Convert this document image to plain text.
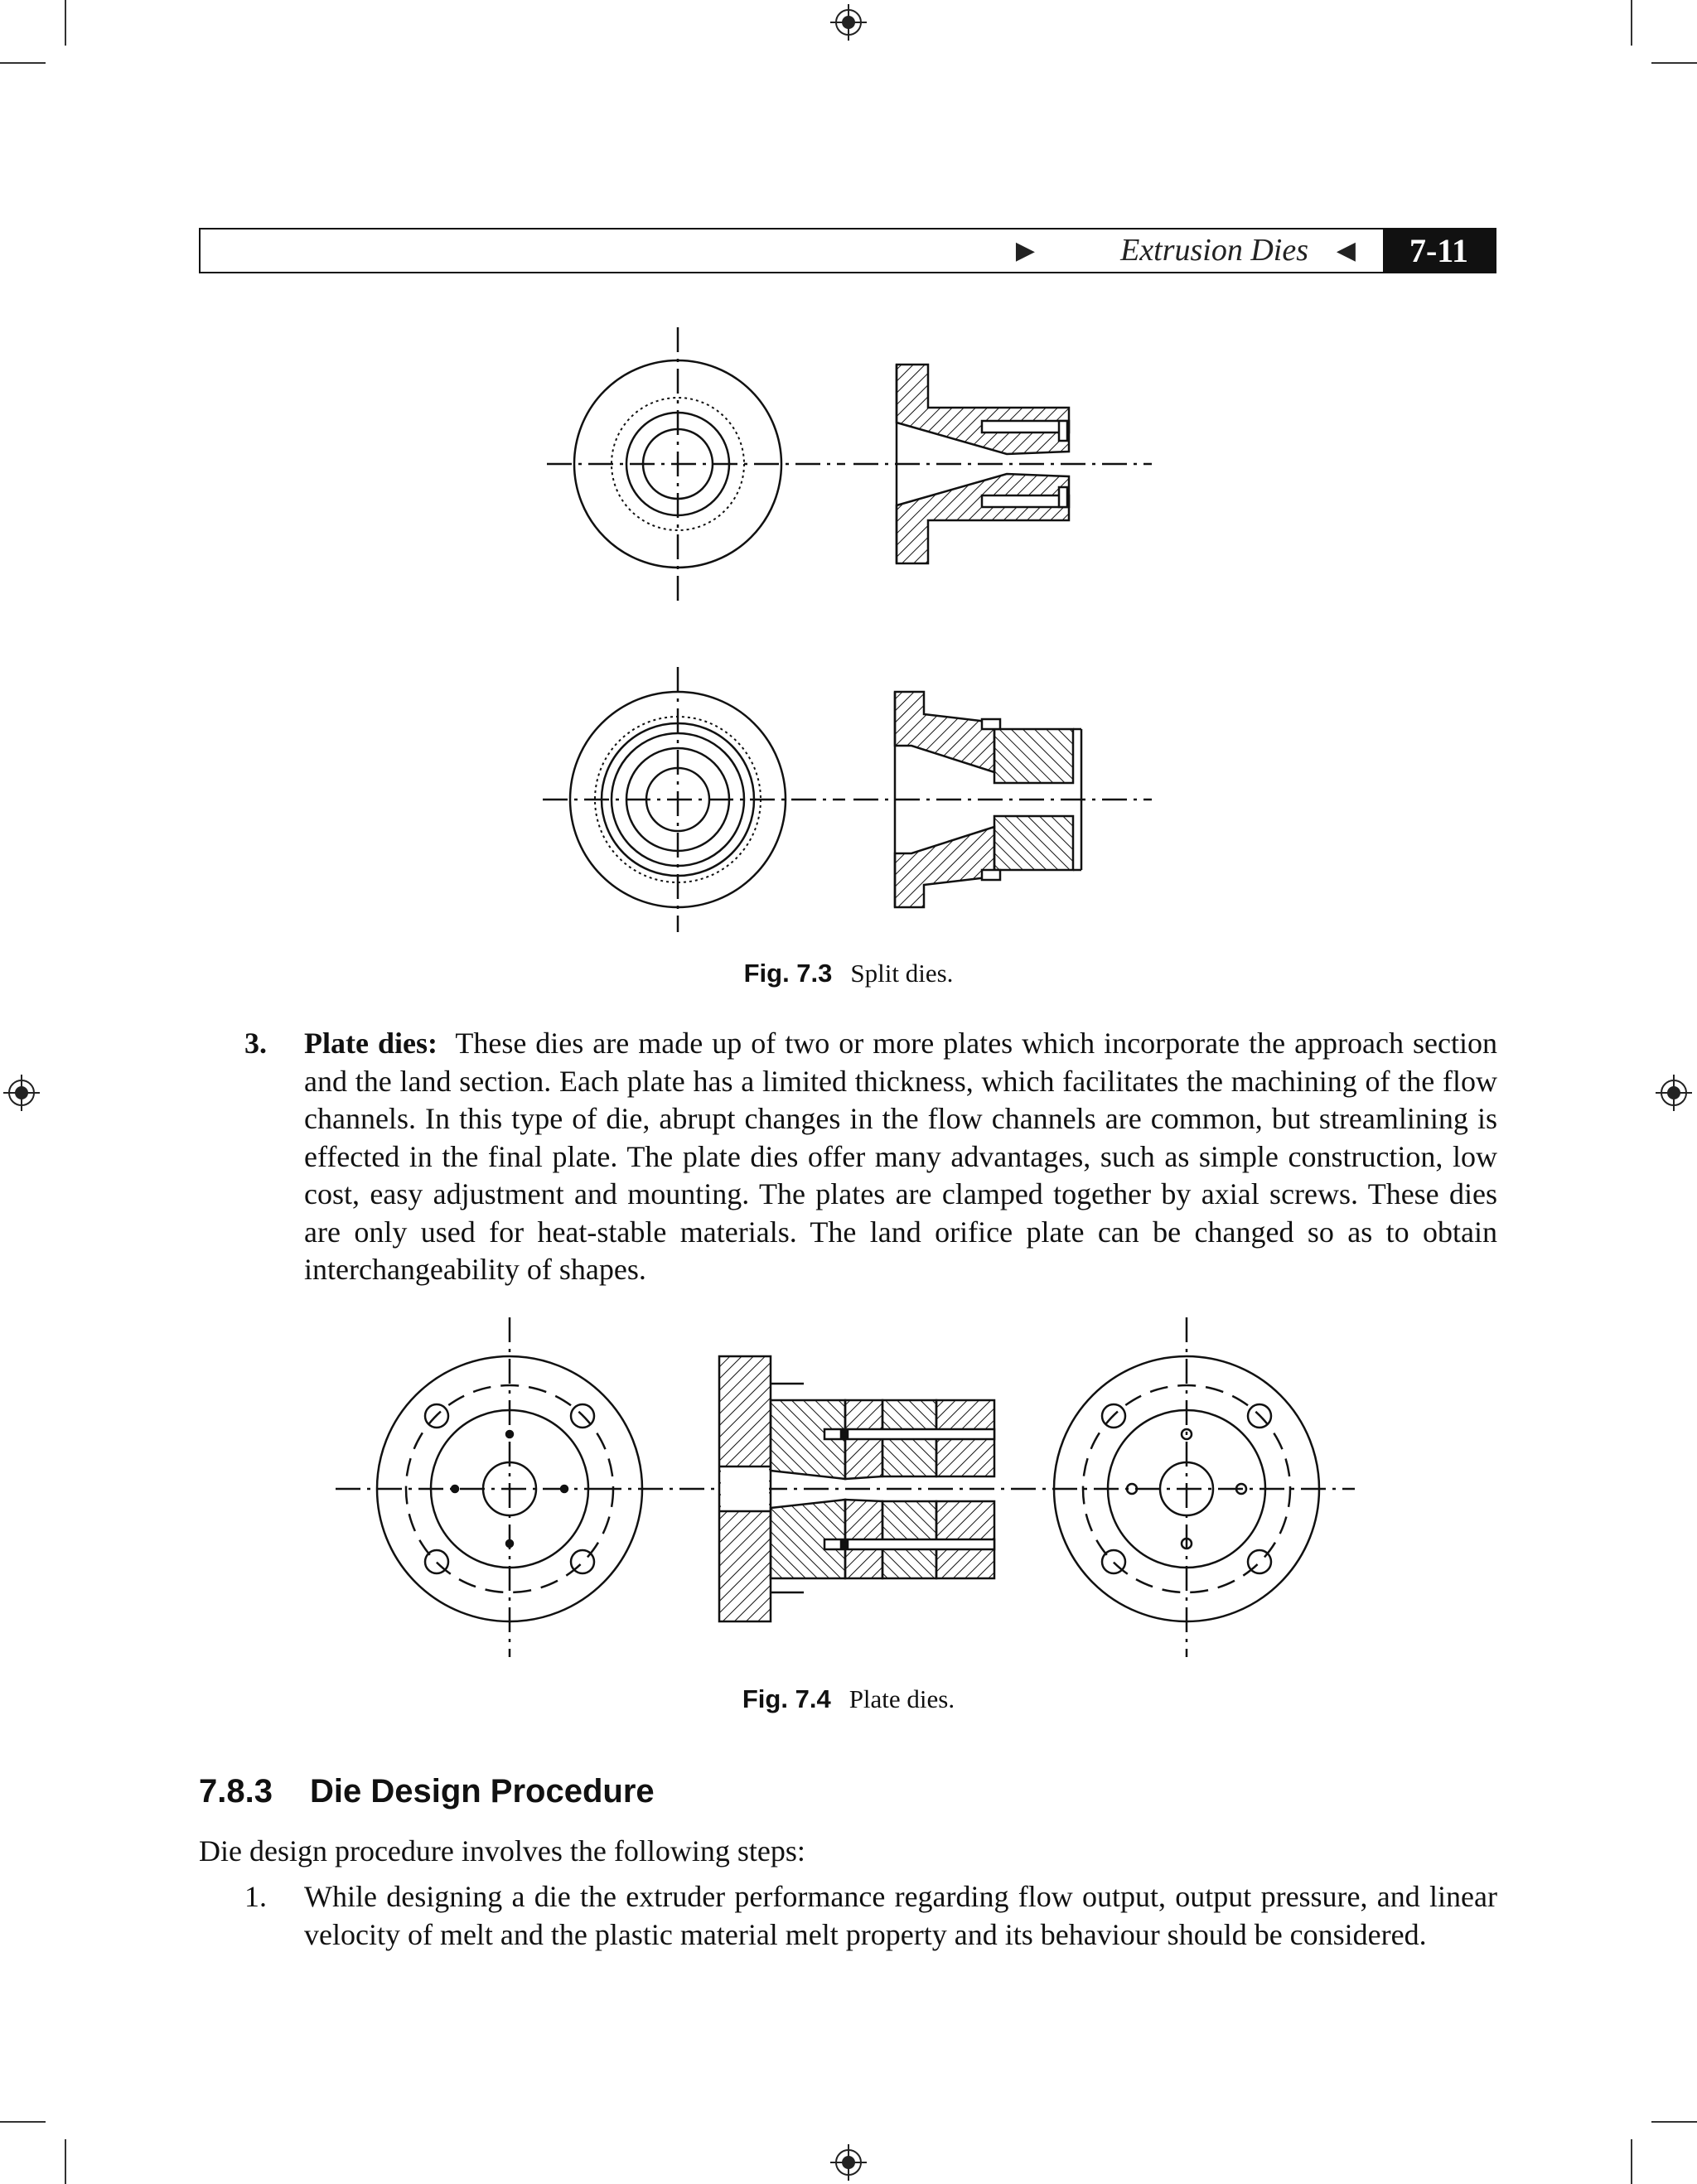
▶	Extrusion Dies ◀	7-11
Fig. 7.3 Split dies.
3. Plate dies: These dies are made up of two or more plates which incorporate the approach section and the land section. Each plate has a limited thickness, which facilitates the machining of the flow channels. In this type of die, abrupt changes in the flow channels are common, but streamlining is effected in the final plate. The plate dies offer many advantages, such as simple construction, low cost, easy adjustment and mounting. The plates are clamped together by axial screws. These dies are only used for heat-stable materials. The land orifice plate can be changed so as to obtain interchangeability of shapes.
Fig. 7.4 Plate dies.
7.8.3 Die Design Procedure
Die design procedure involves the following steps:
1. While designing a die the extruder performance regarding flow output, output pressure, and linear velocity of melt and the plastic material melt property and its behaviour should be considered.
